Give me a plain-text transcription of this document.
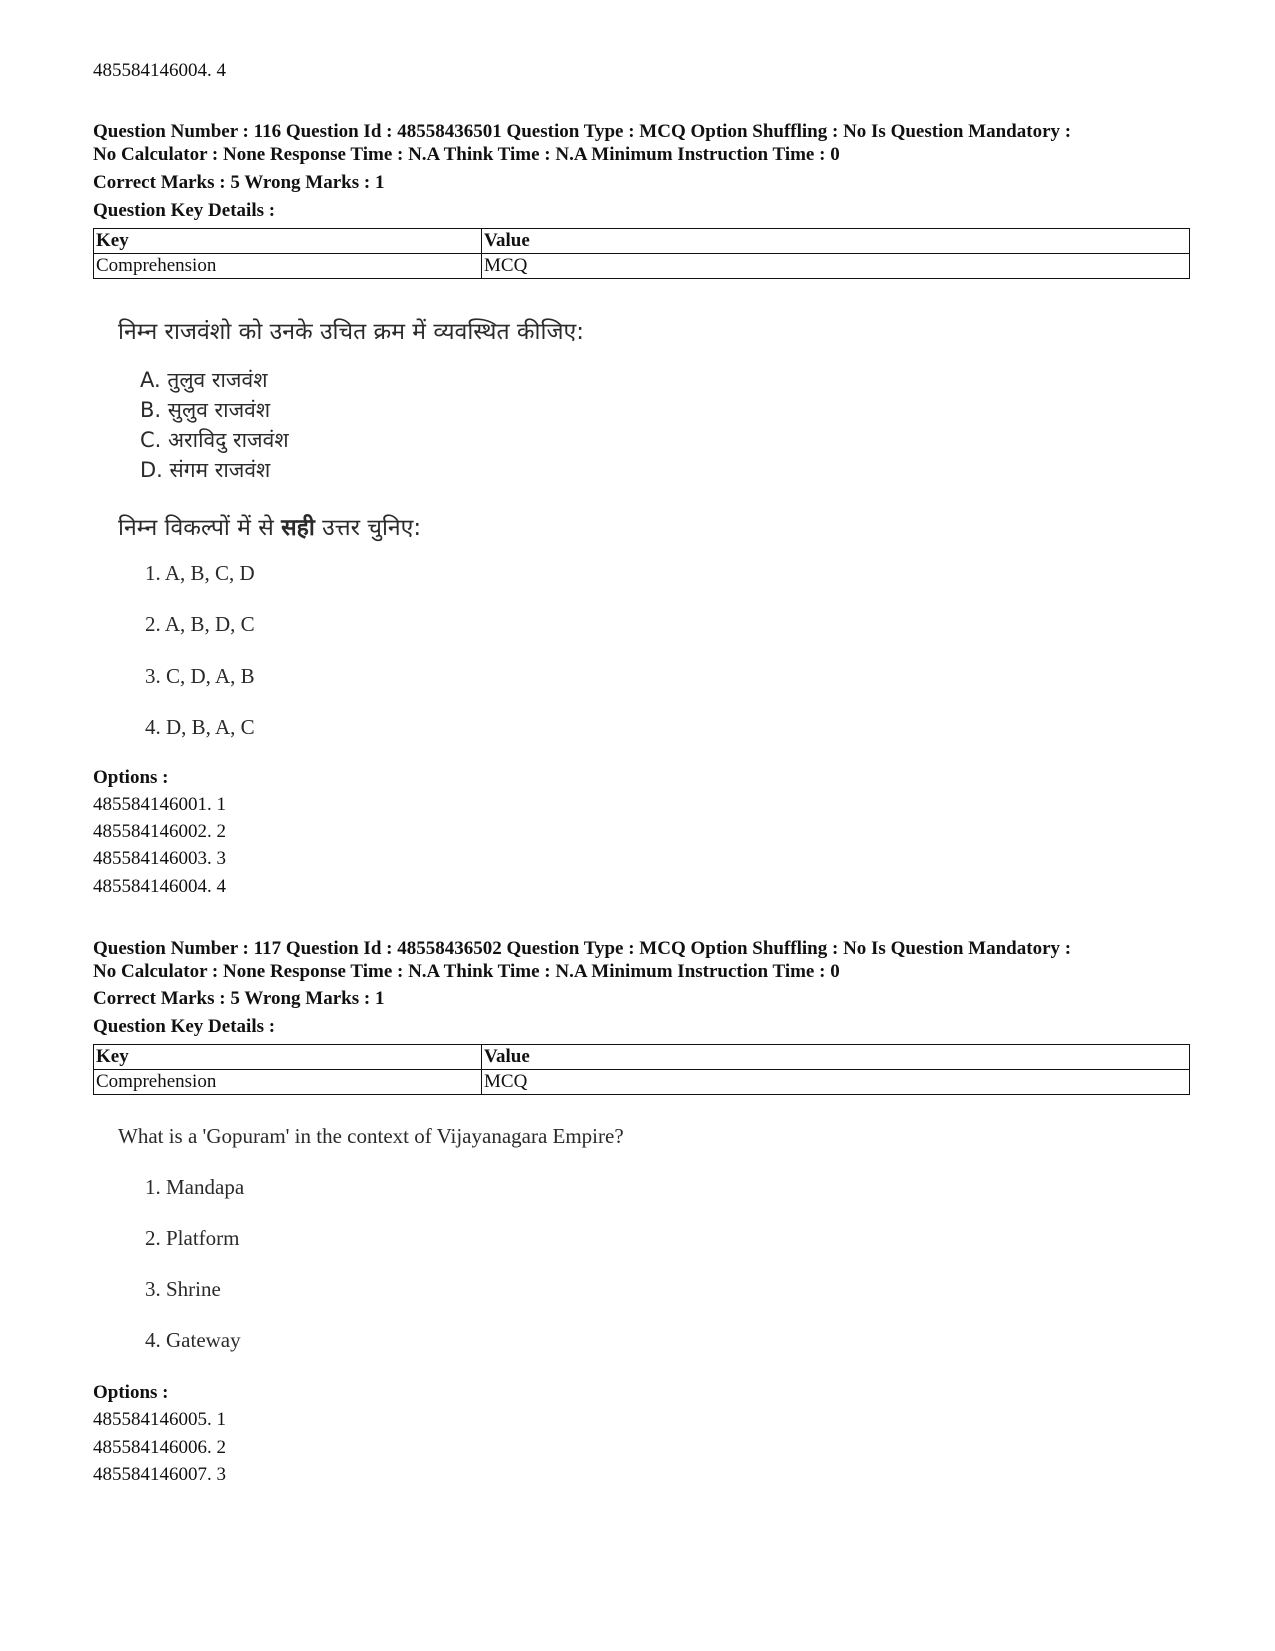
485584146004. 4
Question Number : 116 Question Id : 48558436501 Question Type : MCQ Option Shuffling : No Is Question Mandatory :
No Calculator : None Response Time : N.A Think Time : N.A Minimum Instruction Time : 0
Correct Marks : 5 Wrong Marks : 1
Question Key Details :
Key	Value
Comprehension	MCQ
निम्न राजवंशो को उनके उचित क्रम में व्यवस्थित कीजिए:
A. तुलुव राजवंश
B. सुलुव राजवंश
C. अराविदु राजवंश
D. संगम राजवंश
निम्न विकल्पों में से सही उत्तर चुनिए:
1. A, B, C, D
2. A, B, D, C
3. C, D, A, B
4. D, B, A, C
Options :
485584146001. 1
485584146002. 2
485584146003. 3
485584146004. 4
Question Number : 117 Question Id : 48558436502 Question Type : MCQ Option Shuffling : No Is Question Mandatory :
No Calculator : None Response Time : N.A Think Time : N.A Minimum Instruction Time : 0
Correct Marks : 5 Wrong Marks : 1
Question Key Details :
Key	Value
Comprehension	MCQ
What is a 'Gopuram' in the context of Vijayanagara Empire?
1. Mandapa
2. Platform
3. Shrine
4. Gateway
Options :
485584146005. 1
485584146006. 2
485584146007. 3
